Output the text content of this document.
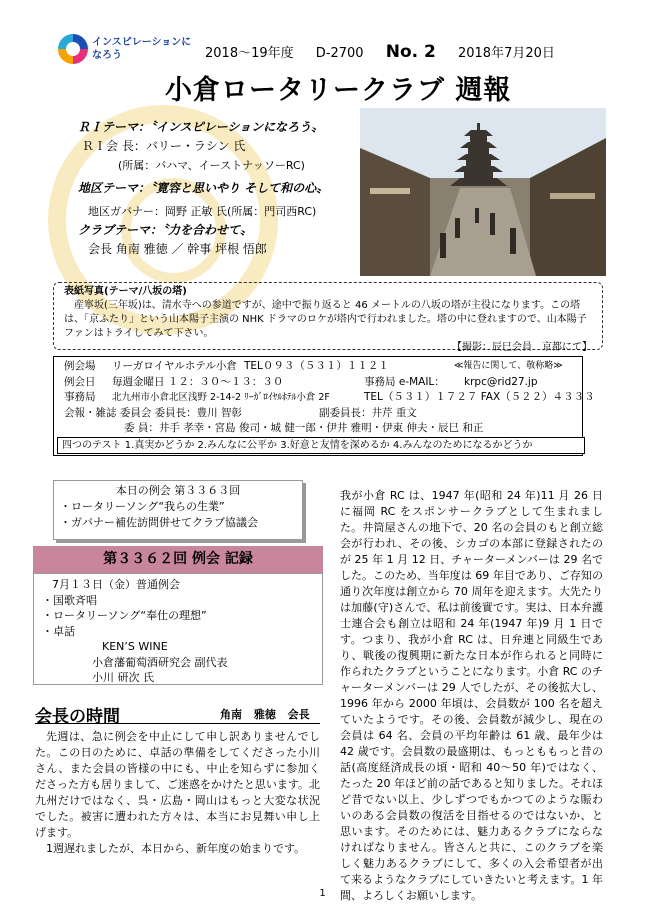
インスピレーションに
なろう	2018～19年度 D-2700 No. 2 2018年7月20日
小倉ロータリークラブ 週報
ＲＩテーマ：〝インスピレーションになろう〟
ＲＩ会 長：バリー・ラシン 氏
(所属：バハマ、イーストナッソーRC)
地区テーマ：〝寛容と思いやり そして和の心〟
地区ガバナー：岡野 正敏 氏(所属：門司西RC)
クラブテーマ：〝力を合わせて〟
会長 角南 雅徳 ／ 幹事 坪根 悟郎
表紙写真(テーマ/八坂の塔)
産寧坂(三年坂)は、清水寺への参道ですが、途中で振り返ると 46 メートルの八坂の塔が主役になります。この塔は、「京ふたり」という山本陽子主演の NHK ドラマのロケが塔内で行われました。塔の中に登れますので、山本陽子ファンはトライしてみて下さい。
【撮影：辰巳会員　京都にて】
例会場 リーガロイヤルホテル小倉 TEL０９３（５３１）１１２１	≪報告に関して、敬称略≫
例会日 毎週金曜日 １２：３０～１３：３０	事務局 e-MAIL： krpc@rid27.jp
事務局 北九州市小倉北区浅野 2-14-2 ﾘｰｶﾞﾛｲﾔﾙﾎﾃﾙ小倉 2F	TEL（５３１）１７２７ FAX（５２２）４３３３
会報・雑誌 委員会 委員長：豊川 智彰	副委員長：井芹 重文
委 員：井手 孝幸・宮島 俊司・城 健一郎・伊井 雅明・伊東 伸夫・辰巳 和正
四つのテスト 1.真実かどうか 2.みんなに公平か 3.好意と友情を深めるか 4.みんなのためになるかどうか
本日の例会 第３３６３回
・ロータリーソング“我らの生業”
・ガバナー補佐訪問併せてクラブ協議会
第３３６２回 例会 記録
7月１３日（金）普通例会
・国歌斉唱
・ロータリーソング“奉仕の理想”
・卓話
KEN’S WINE
小倉藩葡萄酒研究会 副代表
小川 研次 氏
会長の時間	角南 雅徳 会長

先週は、急に例会を中止にして申し訳ありませんでした。この日のために、卓話の準備をしてくださった小川さん、また会員の皆様の中にも、中止を知らずに参加くださった方も居りまして、ご迷惑をかけたと思います。北九州だけではなく、呉・広島・岡山はもっと大変な状況でした。被害に遭われた方々は、本当にお見舞い申し上げます。

1週遅れましたが、本日から、新年度の始まりです。

我が小倉 RC は、1947 年(昭和 24 年)11 月 26 日に福岡 RC をスポンサークラブとして生まれました。井筒屋さんの地下で、20 名の会員のもと創立総会が行われ、その後、シカゴの本部に登録されたのが 25 年 1 月 12 日、チャーターメンバーは 29 名でした。このため、当年度は 69 年目であり、ご存知の通り次年度は創立から 70 周年を迎えます。大先たりは加藤(守)さんで、私は前後實です。実は、日本弁護士連合会も創立は昭和 24 年(1947 年)9 月 1 日です。つまり、我が小倉 RC は、日弁連と同級生であり、戦後の復興期に新たな日本が作られると同時に作られたクラブということになります。小倉 RC のチャーターメンバーは 29 人でしたが、その後拡大し、1996 年から 2000 年頃は、会員数が 100 名を超えていたようです。その後、会員数が減少し、現在の会員は 64 名、会員の平均年齢は 61 歳、最年少は 42 歳です。会員数の最盛期は、もっとももっと昔の話(高度経済成長の頃・昭和 40～50 年)ではなく、たった 20 年ほど前の話であると知りました。それほど昔でない以上、少しずつでもかつてのような賑わいのある会員数の復活を目指せるのではないか、と思います。そのためには、魅力あるクラブにならなければなりません。皆さんと共に、このクラブを楽しく魅力あるクラブにして、多くの入会希望者が出て来るようなクラブにしていきたいと考えます。1 年間、よろしくお願いします。

1
